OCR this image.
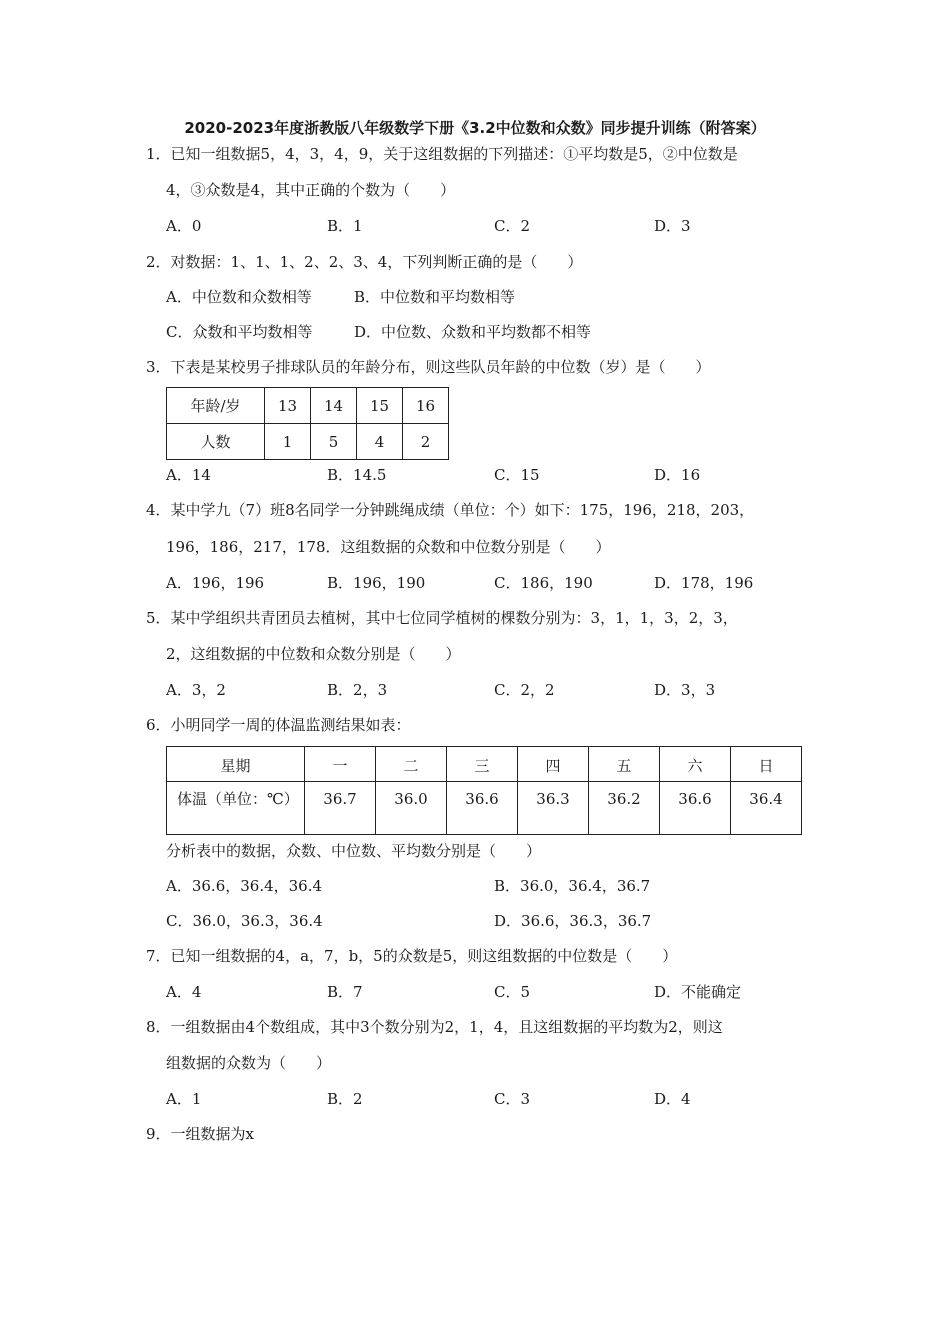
2020-2023年度浙教版八年级数学下册《3.2中位数和众数》同步提升训练（附答案）
1．已知一组数据5，4，3，4，9，关于这组数据的下列描述：①平均数是5，②中位数是
4，③众数是4，其中正确的个数为（　　）
A．0	B．1	C．2	D．3
2．对数据：1、1、1、2、2、3、4，下列判断正确的是（　　）
A．中位数和众数相等	B．中位数和平均数相等
C．众数和平均数相等	D．中位数、众数和平均数都不相等
3．下表是某校男子排球队员的年龄分布，则这些队员年龄的中位数（岁）是（　　）
年龄/岁	13	14	15	16
人数	1	5	4	2
A．14	B．14.5	C．15	D．16
4．某中学九（7）班8名同学一分钟跳绳成绩（单位：个）如下：175，196，218，203，
196，186，217，178．这组数据的众数和中位数分别是（　　）
A．196，196	B．196，190	C．186，190	D．178，196
5．某中学组织共青团员去植树，其中七位同学植树的棵数分别为：3，1，1，3，2，3，
2，这组数据的中位数和众数分别是（　　）
A．3，2	B．2，3	C．2，2	D．3，3
6．小明同学一周的体温监测结果如表：
星期	一	二	三	四	五	六	日
体温（单位：℃）	36.7	36.0	36.6	36.3	36.2	36.6	36.4
分析表中的数据，众数、中位数、平均数分别是（　　）
A．36.6，36.4，36.4	B．36.0，36.4，36.7
C．36.0，36.3，36.4	D．36.6，36.3，36.7
7．已知一组数据的4，a，7，b，5的众数是5，则这组数据的中位数是（　　）
A．4	B．7	C．5	D．不能确定
8．一组数据由4个数组成，其中3个数分别为2，1，4，且这组数据的平均数为2，则这
组数据的众数为（　　）
A．1	B．2	C．3	D．4
9．一组数据为x
